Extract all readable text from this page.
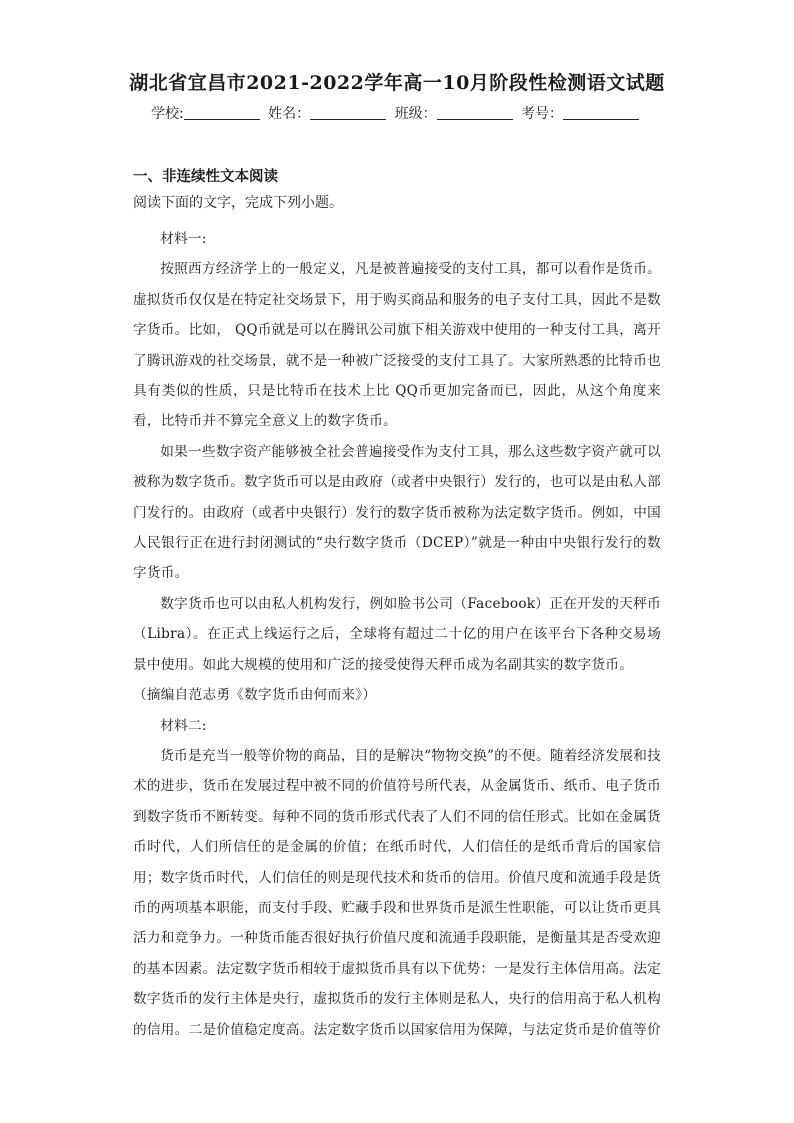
湖北省宜昌市2021-2022学年高一10月阶段性检测语文试题
学校:	姓名：	班级：	考号：
一、非连续性文本阅读
阅读下面的文字，完成下列小题。

材料一:

按照西方经济学上的一般定义，凡是被普遍接受的支付工具，都可以看作是货币。虚拟货币仅仅是在特定社交场景下，用于购买商品和服务的电子支付工具，因此不是数字货币。比如， QQ币就是可以在腾讯公司旗下相关游戏中使用的一种支付工具，离开了腾讯游戏的社交场景，就不是一种被广泛接受的支付工具了。大家所熟悉的比特币也具有类似的性质，只是比特币在技术上比 QQ币更加完备而已，因此，从这个角度来看，比特币并不算完全意义上的数字货币。

如果一些数字资产能够被全社会普遍接受作为支付工具，那么这些数字资产就可以被称为数字货币。数字货币可以是由政府（或者中央银行）发行的，也可以是由私人部门发行的。由政府（或者中央银行）发行的数字货币被称为法定数字货币。例如，中国人民银行正在进行封闭测试的“央行数字货币（DCEP）”就是一种由中央银行发行的数字货币。

数字货币也可以由私人机构发行，例如脸书公司（Facebook）正在开发的天秤币（Libra）。在正式上线运行之后，全球将有超过二十亿的用户在该平台下各种交易场景中使用。如此大规模的使用和广泛的接受使得天秤币成为名副其实的数字货币。

（摘编自范志勇《数字货币由何而来》）

材料二:

货币是充当一般等价物的商品，目的是解决“物物交换”的不便。随着经济发展和技术的进步，货币在发展过程中被不同的价值符号所代表，从金属货币、纸币、电子货币到数字货币不断转变。每种不同的货币形式代表了人们不同的信任形式。比如在金属货币时代，人们所信任的是金属的价值；在纸币时代，人们信任的是纸币背后的国家信用；数字货币时代，人们信任的则是现代技术和货币的信用。价值尺度和流通手段是货币的两项基本职能，而支付手段、贮藏手段和世界货币是派生性职能，可以让货币更具活力和竞争力。一种货币能否很好执行价值尺度和流通手段职能，是衡量其是否受欢迎的基本因素。法定数字货币相较于虚拟货币具有以下优势：一是发行主体信用高。法定数字货币的发行主体是央行，虚拟货币的发行主体则是私人，央行的信用高于私人机构的信用。二是价值稳定度高。法定数字货币以国家信用为保障，与法定货币是价值等价
